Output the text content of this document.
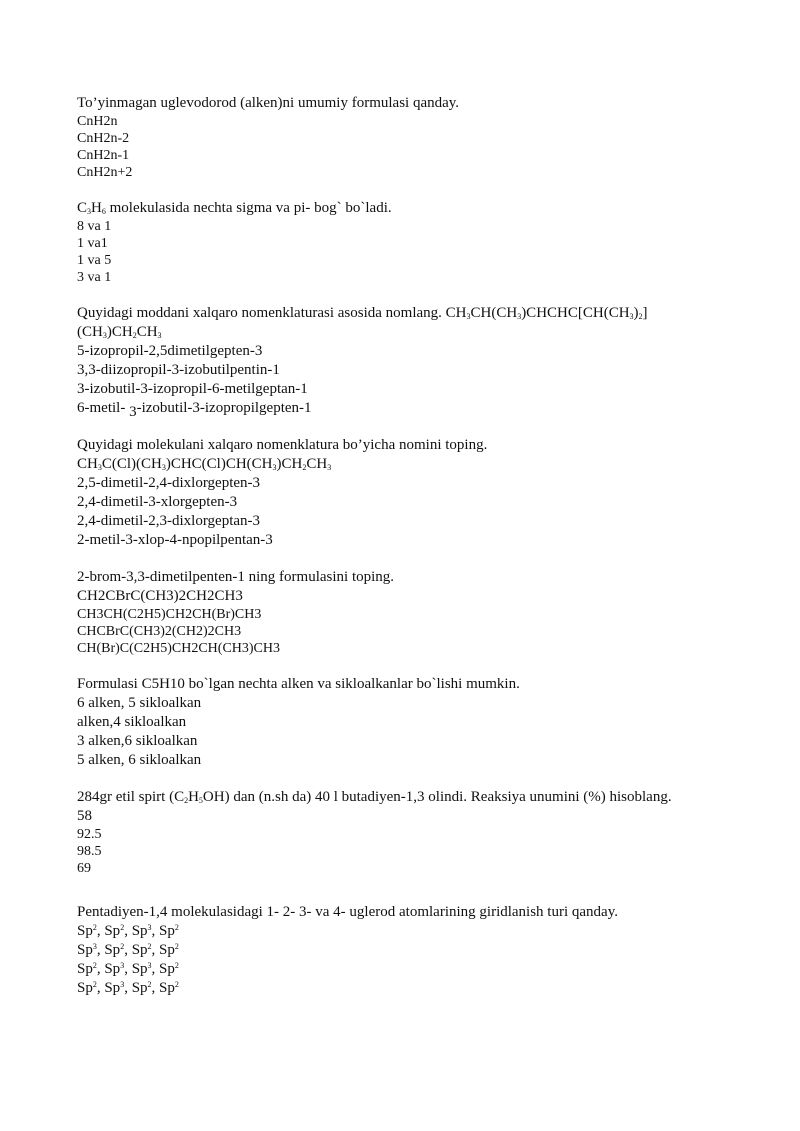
To’yinmagan uglevodorod (alken)ni umumiy formulasi qanday.

CnH2n

CnH2n-2

CnH2n-1

CnH2n+2

$C_3H_6$ molekulasida nechta sigma va pi- bog` bo`ladi.

8 va 1

1 va1

1 va 5

3 va 1

Quyidagi moddani xalqaro nomenklaturasi asosida nomlang. $CH_3CH(CH_3)CHCHC[CH(CH_3)_2]$

$(CH_3)CH_2CH_3$

5-izopropil-2,5dimetilgepten-3

3,3-diizopropil-3-izobutilpentin-1

3-izobutil-3-izopropil-6-metilgeptan-1

6-metil- 3-izobutil-3-izopropilgepten-1

Quyidagi molekulani xalqaro nomenklatura bo’yicha nomini toping.

$CH_3C(Cl)(CH_3)CHC(Cl)CH(CH_3)CH_2CH_3$

2,5-dimetil-2,4-dixlorgepten-3

2,4-dimetil-3-xlorgepten-3

2,4-dimetil-2,3-dixlorgeptan-3

2-metil-3-xlop-4-npopilpentan-3

2-brom-3,3-dimetilpenten-1 ning formulasini toping.

CH2CBrC(CH3)2CH2CH3

CH3CH(C2H5)CH2CH(Br)CH3

CHCBrC(CH3)2(CH2)2CH3

CH(Br)C(C2H5)CH2CH(CH3)CH3

Formulasi C5H10 bo`lgan nechta alken va sikloalkanlar bo`lishi mumkin.

6 alken, 5 sikloalkan

alken,4 sikloalkan

3 alken,6 sikloalkan

5 alken, 6 sikloalkan

284gr etil spirt $(C_2H_5OH)$ dan (n.sh da) 40 l butadiyen-1,3 olindi. Reaksiya unumini (%) hisoblang.

58

92.5

98.5

69

Pentadiyen-1,4 molekulasidagi 1- 2- 3- va 4- uglerod atomlarining giridlanish turi qanday.

Sp$^2$, Sp$^2$, Sp$^3$, Sp$^2$

Sp$^3$, Sp$^2$, Sp$^2$, Sp$^2$

Sp$^2$, Sp$^3$, Sp$^3$, Sp$^2$

Sp$^2$, Sp$^3$, Sp$^2$, Sp$^2$
